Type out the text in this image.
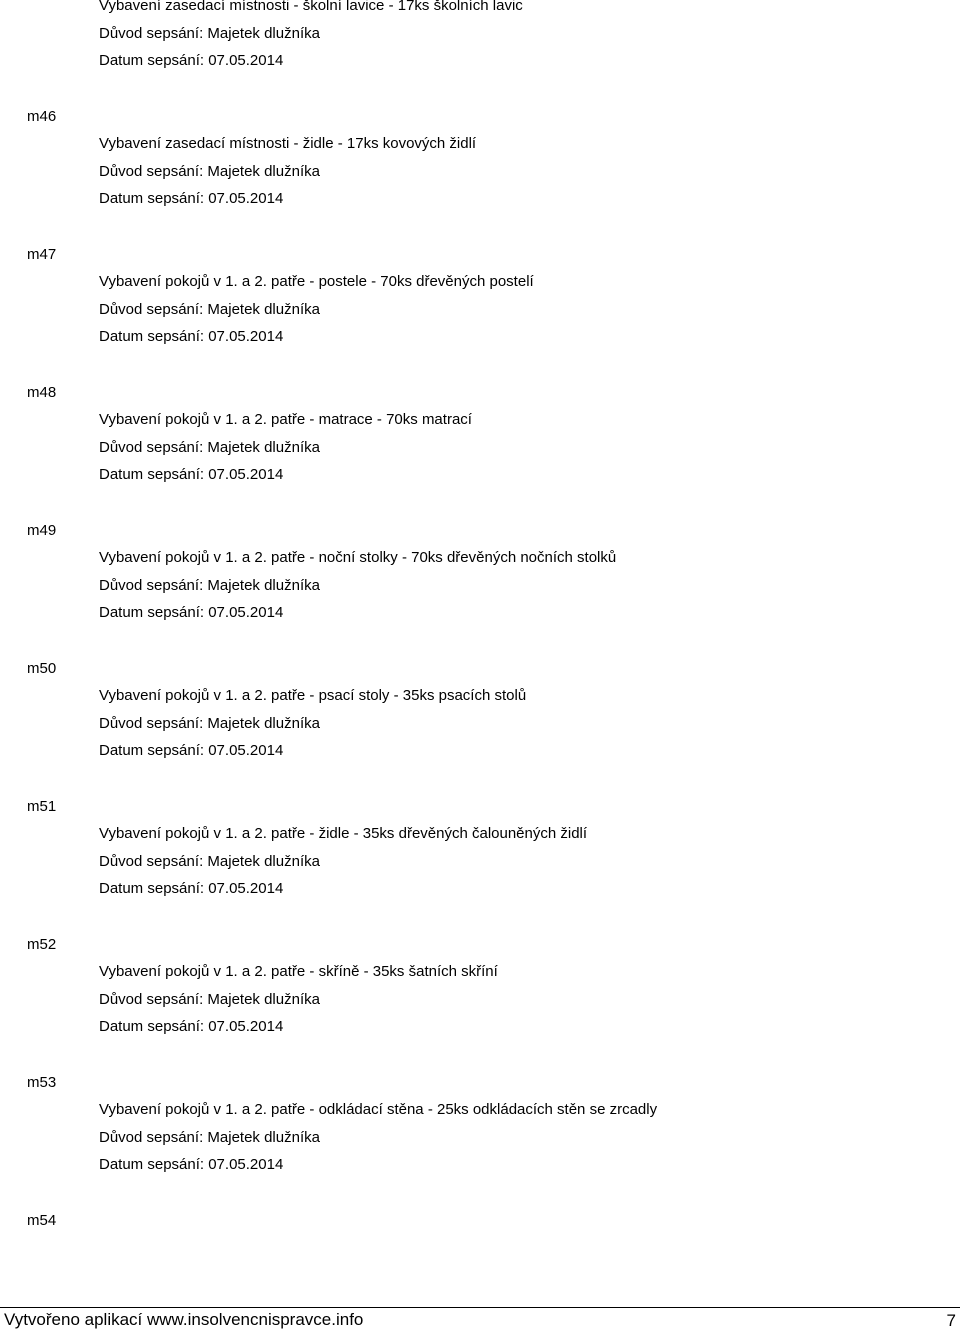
Vybavení zasedací místnosti - školní lavice - 17ks školních lavic
Důvod sepsání: Majetek dlužníka
Datum sepsání: 07.05.2014
m46
Vybavení zasedací místnosti - židle - 17ks kovových židlí
Důvod sepsání: Majetek dlužníka
Datum sepsání: 07.05.2014
m47
Vybavení pokojů v 1. a 2. patře - postele - 70ks dřevěných postelí
Důvod sepsání: Majetek dlužníka
Datum sepsání: 07.05.2014
m48
Vybavení pokojů v 1. a 2. patře - matrace - 70ks matrací
Důvod sepsání: Majetek dlužníka
Datum sepsání: 07.05.2014
m49
Vybavení pokojů v 1. a 2. patře - noční stolky - 70ks dřevěných nočních stolků
Důvod sepsání: Majetek dlužníka
Datum sepsání: 07.05.2014
m50
Vybavení pokojů v 1. a 2. patře - psací stoly - 35ks psacích stolů
Důvod sepsání: Majetek dlužníka
Datum sepsání: 07.05.2014
m51
Vybavení pokojů v 1. a 2. patře - židle - 35ks dřevěných čalouněných židlí
Důvod sepsání: Majetek dlužníka
Datum sepsání: 07.05.2014
m52
Vybavení pokojů v 1. a 2. patře - skříně - 35ks šatních skříní
Důvod sepsání: Majetek dlužníka
Datum sepsání: 07.05.2014
m53
Vybavení pokojů v 1. a 2. patře - odkládací stěna - 25ks odkládacích stěn se zrcadly
Důvod sepsání: Majetek dlužníka
Datum sepsání: 07.05.2014
m54
Vytvořeno aplikací www.insolvencnispravce.info	7
